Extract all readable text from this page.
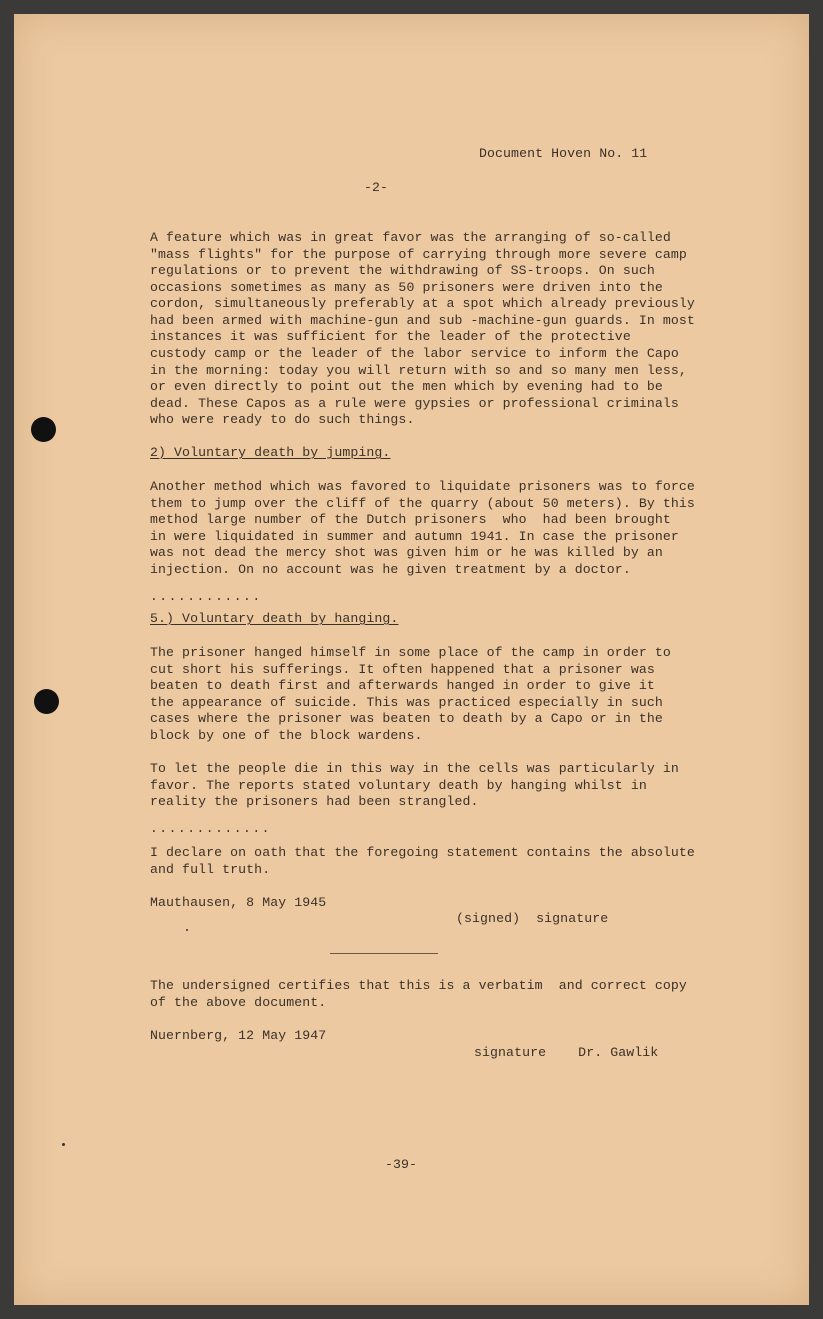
Document Hoven No. 11

-2-

A feature which was in great favor was the arranging of so-called

"mass flights" for the purpose of carrying through more severe camp

regulations or to prevent the withdrawing of SS-troops. On such

occasions sometimes as many as 50 prisoners were driven into the

cordon, simultaneously preferably at a spot which already previously

had been armed with machine-gun and sub -machine-gun guards. In most

instances it was sufficient for the leader of the protective

custody camp or the leader of the labor service to inform the Capo

in the morning: today you will return with so and so many men less,

or even directly to point out the men which by evening had to be

dead. These Capos as a rule were gypsies or professional criminals

who were ready to do such things.

2) Voluntary death by jumping.

Another method which was favored to liquidate prisoners was to force

them to jump over the cliff of the quarry (about 50 meters). By this

method large number of the Dutch prisoners  who  had been brought

in were liquidated in summer and autumn 1941. In case the prisoner

was not dead the mercy shot was given him or he was killed by an

injection. On no account was he given treatment by a doctor.

............

5.) Voluntary death by hanging.

The prisoner hanged himself in some place of the camp in order to

cut short his sufferings. It often happened that a prisoner was

beaten to death first and afterwards hanged in order to give it

the appearance of suicide. This was practiced especially in such

cases where the prisoner was beaten to death by a Capo or in the

block by one of the block wardens.

To let the people die in this way in the cells was particularly in

favor. The reports stated voluntary death by hanging whilst in

reality the prisoners had been strangled.

.............

I declare on oath that the foregoing statement contains the absolute

and full truth.

Mauthausen, 8 May 1945

(signed)  signature

The undersigned certifies that this is a verbatim  and correct copy

of the above document.

Nuernberg, 12 May 1947

signature    Dr. Gawlik

-39-
